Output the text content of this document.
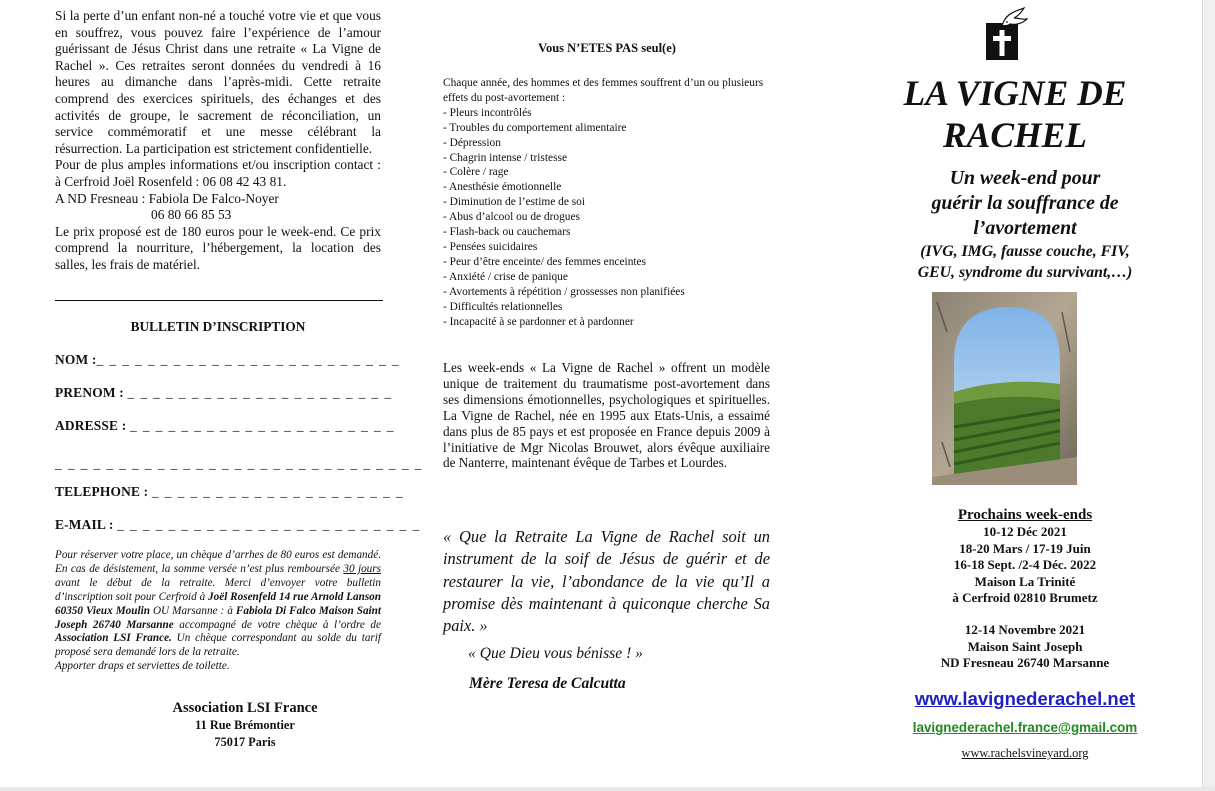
Si la perte d’un enfant non-né a touché votre vie et que vous en souffrez, vous pouvez faire l’expérience de l’amour guérissant de Jésus Christ dans une retraite « La Vigne de Rachel ». Ces retraites seront données du vendredi à 16 heures au dimanche dans l’après-midi. Cette retraite comprend des exercices spirituels, des échanges et des activités de groupe, le sacrement de réconciliation, un service commémoratif et une messe célébrant la résurrection. La participation est strictement confidentielle.

Pour de plus amples informations et/ou inscription contact : à Cerfroid Joël Rosenfeld : 06 08 42 43 81.

A ND Fresneau : Fabiola De Falco-Noyer

06 80 66 85 53

Le prix proposé est de 180 euros pour le week-end. Ce prix comprend la nourriture, l’hébergement, la location des salles, les frais de matériel.

BULLETIN D’INSCRIPTION
NOM :_ _ _ _ _ _ _ _ _ _ _ _ _ _ _ _ _ _ _ _ _ _ _ _
PRENOM : _ _ _ _ _ _ _ _ _ _ _ _ _ _ _ _ _ _ _ _ _
ADRESSE : _ _ _ _ _ _ _ _ _ _ _ _ _ _ _ _ _ _ _ _ _
_ _ _ _ _ _ _ _ _ _ _ _ _ _ _ _ _ _ _ _ _ _ _ _ _ _ _ _ _
TELEPHONE : _ _ _ _ _ _ _ _ _ _ _ _ _ _ _ _ _ _ _ _
E-MAIL : _ _ _ _ _ _ _ _ _ _ _ _ _ _ _ _ _ _ _ _ _ _ _ _

Pour réserver votre place, un chèque d’arrhes de 80 euros est demandé. En cas de désistement, la somme versée n’est plus remboursée 30 jours avant le début de la retraite. Merci d’envoyer votre bulletin d’inscription soit pour Cerfroid à Joël Rosenfeld 14 rue Arnold Lanson 60350 Vieux Moulin OU Marsanne : à Fabiola Di Falco Maison Saint Joseph 26740 Marsanne accompagné de votre chèque à l’ordre de Association LSI France. Un chèque correspondant au solde du tarif proposé sera demandé lors de la retraite.

Apporter draps et serviettes de toilette.

Association LSI France
11 Rue Brémontier
75017 Paris
Vous N’ETES PAS seul(e)

Chaque année, des hommes et des femmes souffrent d’un ou plusieurs effets du post-avortement :

- Pleurs incontrôlés
- Troubles du comportement alimentaire
- Dépression
- Chagrin intense / tristesse
- Colère / rage
- Anesthésie émotionnelle
- Diminution de l’estime de soi
- Abus d’alcool ou de drogues
- Flash-back ou cauchemars
- Pensées suicidaires
- Peur d’être enceinte/ des femmes enceintes
- Anxiété / crise de panique
- Avortements à répétition / grossesses non planifiées
- Difficultés relationnelles
- Incapacité à se pardonner et à pardonner

Les week-ends « La Vigne de Rachel » offrent un modèle unique de traitement du traumatisme post-avortement dans ses dimensions émotionnelles, psychologiques et spirituelles. La Vigne de Rachel, née en 1995 aux Etats-Unis, a essaimé dans plus de 85 pays et est proposée en France depuis 2009 à l’initiative de Mgr Nicolas Brouwet, alors évêque auxiliaire de Nanterre, maintenant évêque de Tarbes et Lourdes.

« Que la Retraite La Vigne de Rachel soit un instrument de la soif de Jésus de guérir et de restaurer la vie, l’abondance de la vie qu’Il a promise dès maintenant à quiconque cherche Sa paix. »

« Que Dieu vous bénisse ! »
Mère Teresa de Calcutta
LA VIGNE DE
RACHEL
Un week-end pour
guérir la souffrance de
l’avortement
(IVG, IMG, fausse couche, FIV,
GEU, syndrome du survivant,…)
Prochains week-ends
10-12 Déc 2021
18-20 Mars / 17-19 Juin
16-18 Sept. /2-4 Déc. 2022
Maison La Trinité
à Cerfroid 02810 Brumetz
12-14 Novembre 2021
Maison Saint Joseph
ND Fresneau 26740 Marsanne
www.lavignederachel.net
lavignederachel.france@gmail.com
www.rachelsvineyard.org
